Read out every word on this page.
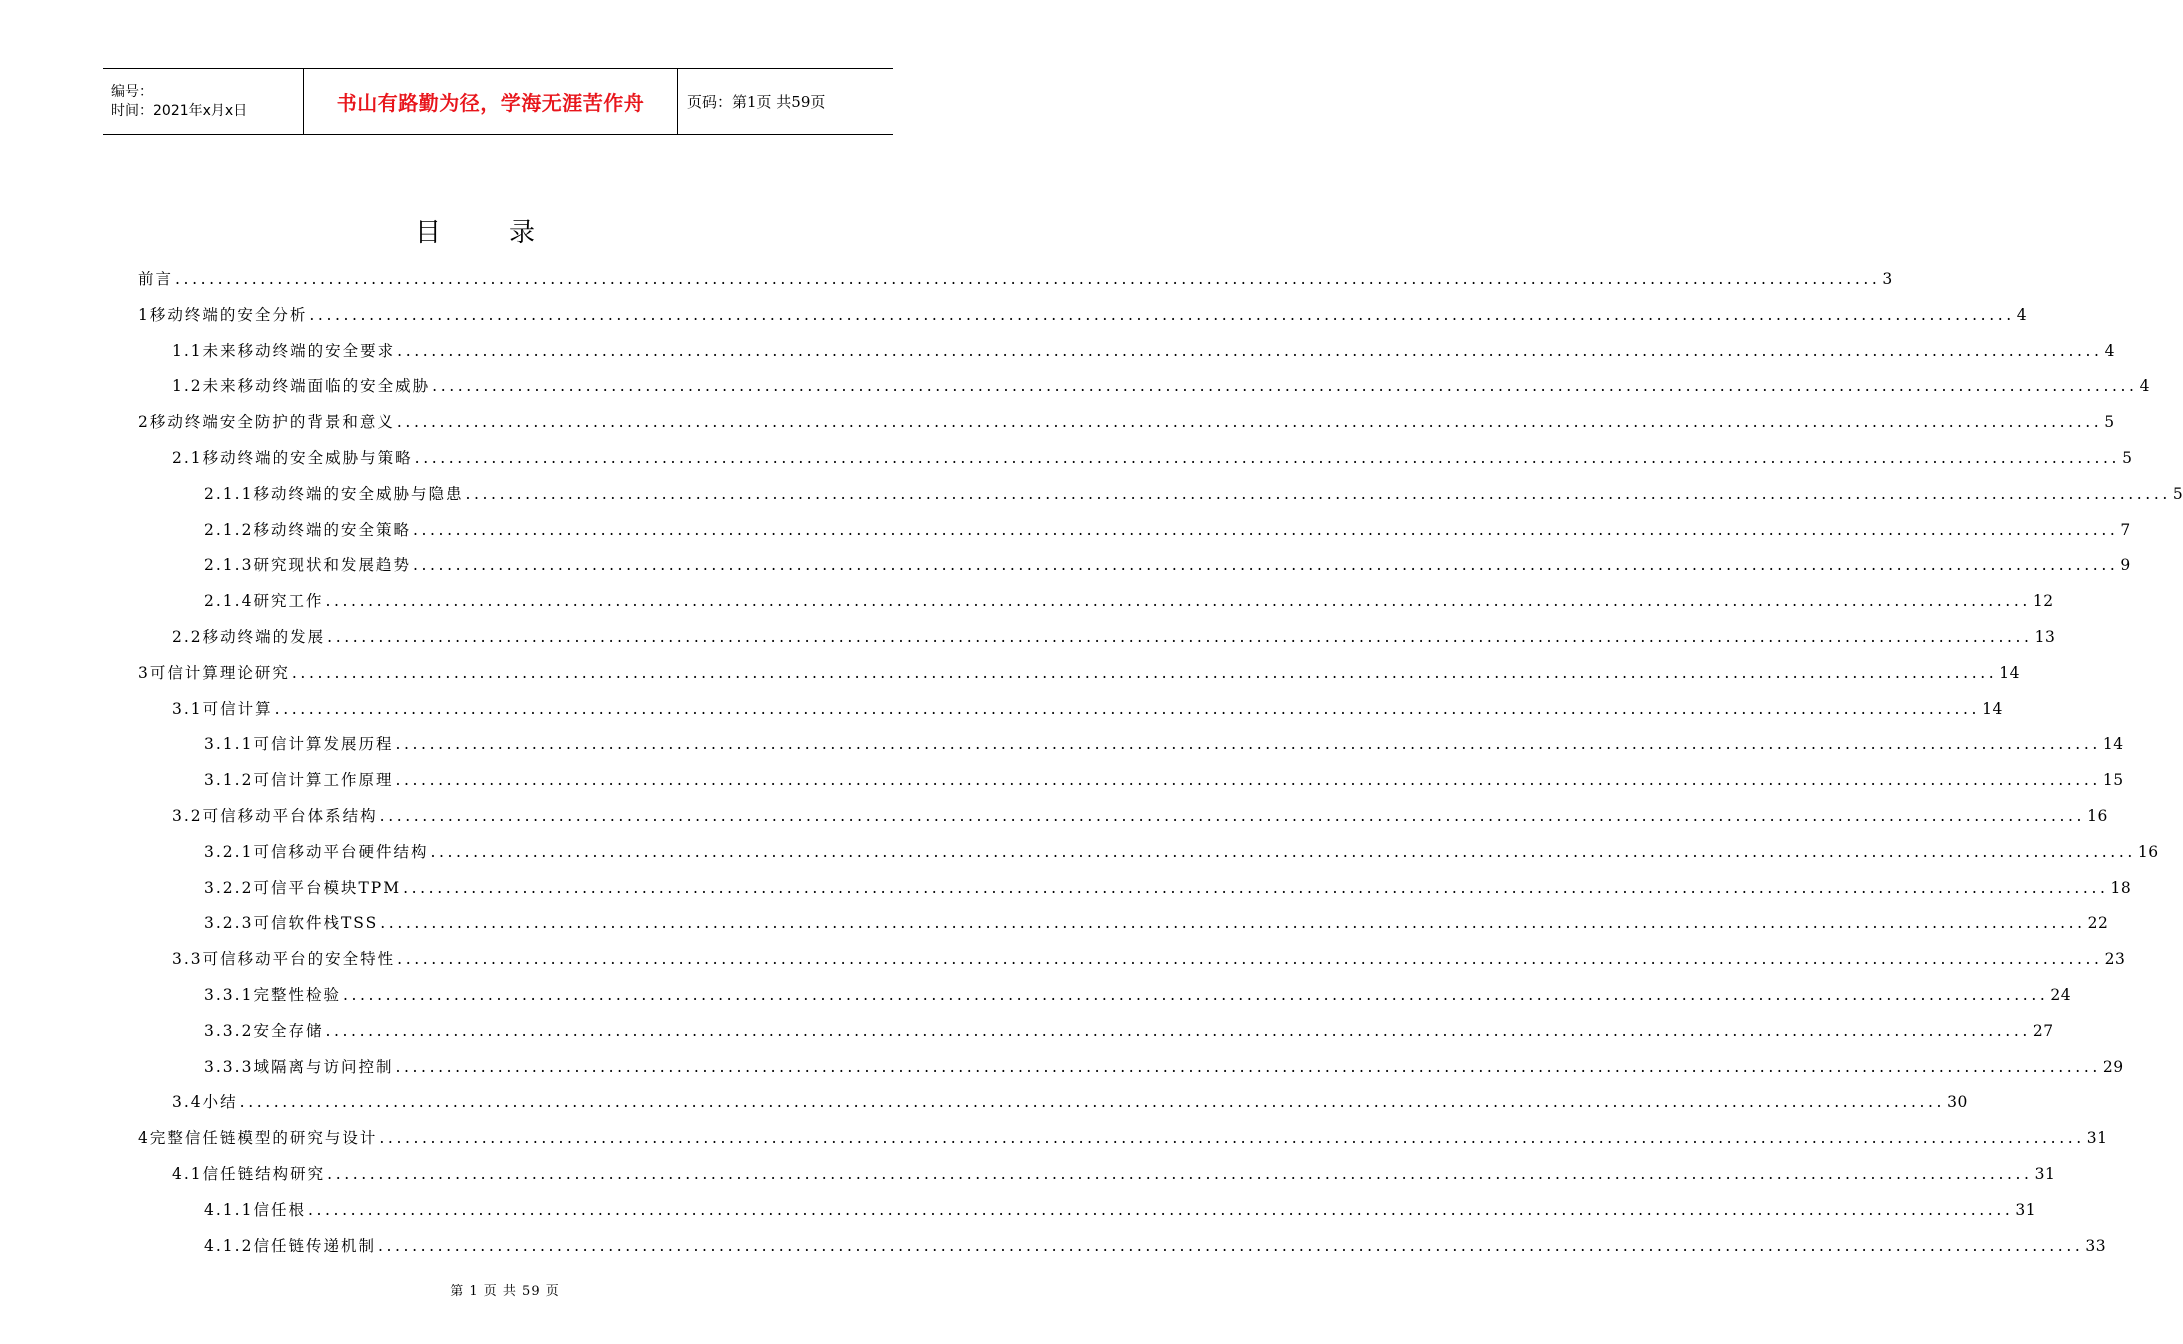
编号：
时间：2021年x月x日	书山有路勤为径，学海无涯苦作舟	页码：第1页 共59页
目	录
前言 ........................................................................................................................................................................................................ 3
1 移动终端的安全分析 ........................................................................................................................................................................................................ 4
1.1 未来移动终端的安全要求 ........................................................................................................................................................................................................ 4
1.2 未来移动终端面临的安全威胁 ........................................................................................................................................................................................................ 4
2 移动终端安全防护的背景和意义 ........................................................................................................................................................................................................ 5
2.1 移动终端的安全威胁与策略 ........................................................................................................................................................................................................ 5
2.1.1 移动终端的安全威胁与隐患 ........................................................................................................................................................................................................ 5
2.1.2 移动终端的安全策略 ........................................................................................................................................................................................................ 7
2.1.3 研究现状和发展趋势 ........................................................................................................................................................................................................ 9
2.1.4 研究工作 ........................................................................................................................................................................................................ 12
2.2 移动终端的发展 ........................................................................................................................................................................................................ 13
3 可信计算理论研究 ........................................................................................................................................................................................................ 14
3.1 可信计算 ........................................................................................................................................................................................................ 14
3.1.1 可信计算发展历程 ........................................................................................................................................................................................................ 14
3.1.2 可信计算工作原理 ........................................................................................................................................................................................................ 15
3.2 可信移动平台体系结构 ........................................................................................................................................................................................................ 16
3.2.1 可信移动平台硬件结构 ........................................................................................................................................................................................................ 16
3.2.2 可信平台模块TPM ........................................................................................................................................................................................................ 18
3.2.3 可信软件栈TSS ........................................................................................................................................................................................................ 22
3.3 可信移动平台的安全特性 ........................................................................................................................................................................................................ 23
3.3.1 完整性检验 ........................................................................................................................................................................................................ 24
3.3.2 安全存储 ........................................................................................................................................................................................................ 27
3.3.3 域隔离与访问控制 ........................................................................................................................................................................................................ 29
3.4 小结 ........................................................................................................................................................................................................ 30
4 完整信任链模型的研究与设计 ........................................................................................................................................................................................................ 31
4.1 信任链结构研究 ........................................................................................................................................................................................................ 31
4.1.1 信任根 ........................................................................................................................................................................................................ 31
4.1.2 信任链传递机制 ........................................................................................................................................................................................................ 33
第 1 页 共 59 页
